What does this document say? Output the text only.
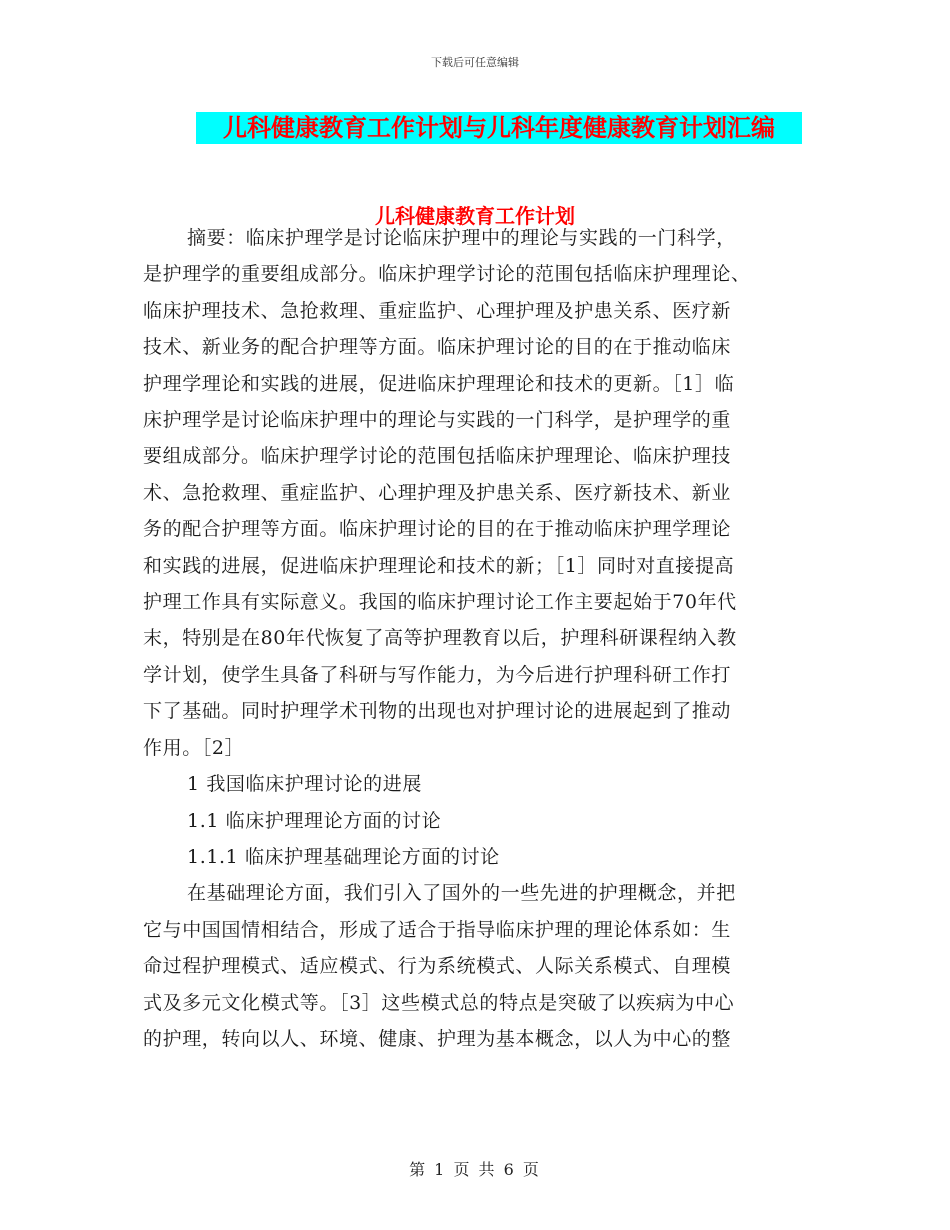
下载后可任意编辑
儿科健康教育工作计划与儿科年度健康教育计划汇编
儿科健康教育工作计划

摘要：临床护理学是讨论临床护理中的理论与实践的一门科学，
是护理学的重要组成部分。临床护理学讨论的范围包括临床护理理论、
临床护理技术、急抢救理、重症监护、心理护理及护患关系、医疗新
技术、新业务的配合护理等方面。临床护理讨论的目的在于推动临床
护理学理论和实践的进展，促进临床护理理论和技术的更新。［1］临
床护理学是讨论临床护理中的理论与实践的一门科学，是护理学的重
要组成部分。临床护理学讨论的范围包括临床护理理论、临床护理技
术、急抢救理、重症监护、心理护理及护患关系、医疗新技术、新业
务的配合护理等方面。临床护理讨论的目的在于推动临床护理学理论
和实践的进展，促进临床护理理论和技术的新；［1］同时对直接提高
护理工作具有实际意义。我国的临床护理讨论工作主要起始于70年代
末，特别是在80年代恢复了高等护理教育以后，护理科研课程纳入教
学计划，使学生具备了科研与写作能力，为今后进行护理科研工作打
下了基础。同时护理学术刊物的出现也对护理讨论的进展起到了推动
作用。［2］

1 我国临床护理讨论的进展

1.1 临床护理理论方面的讨论

1.1.1 临床护理基础理论方面的讨论

在基础理论方面，我们引入了国外的一些先进的护理概念，并把
它与中国国情相结合，形成了适合于指导临床护理的理论体系如：生
命过程护理模式、适应模式、行为系统模式、人际关系模式、自理模
式及多元文化模式等。［3］这些模式总的特点是突破了以疾病为中心
的护理，转向以人、环境、健康、护理为基本概念，以人为中心的整

第 1 页 共 6 页
